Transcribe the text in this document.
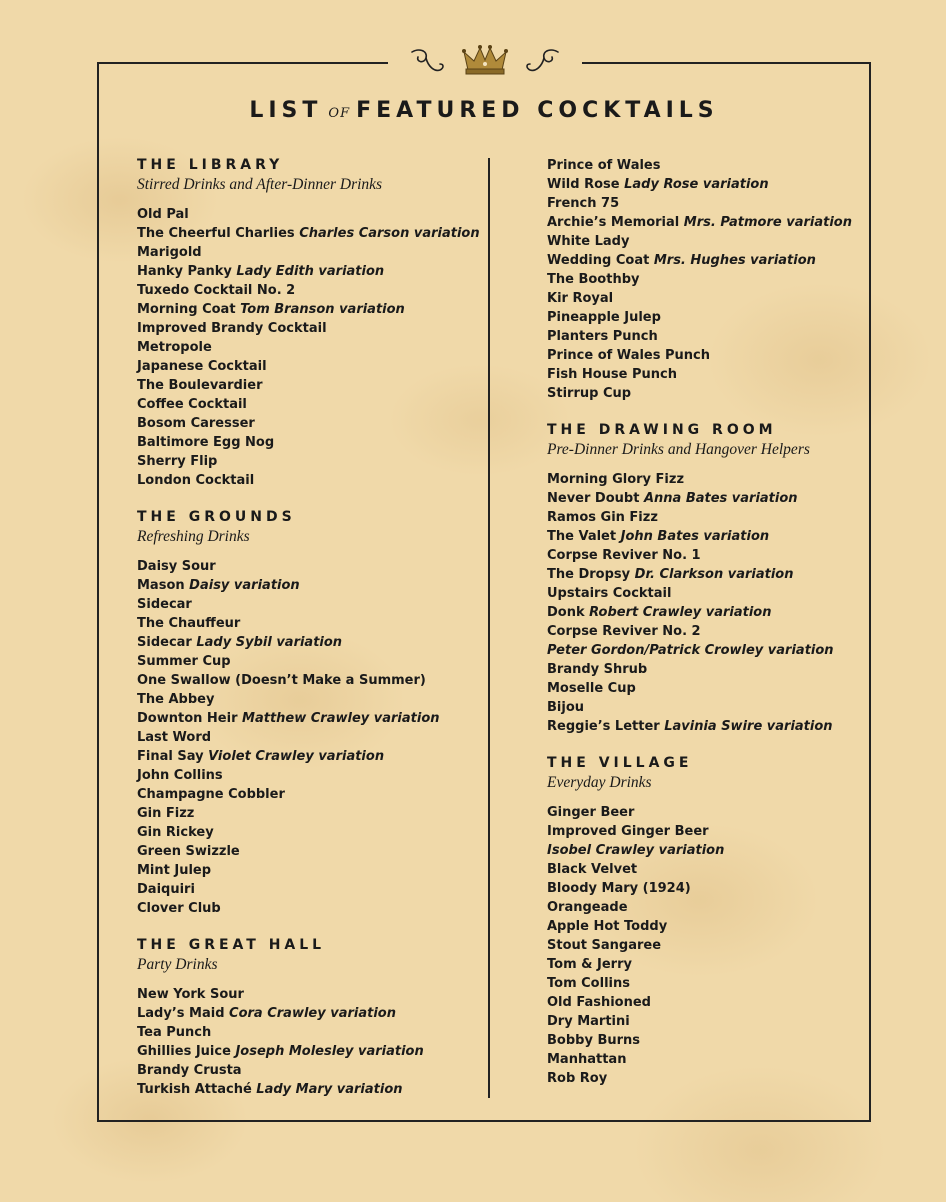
LIST OF FEATURED COCKTAILS
THE LIBRARY
Stirred Drinks and After-Dinner Drinks
Old Pal
The Cheerful Charlies Charles Carson variation
Marigold
Hanky Panky Lady Edith variation
Tuxedo Cocktail No. 2
Morning Coat Tom Branson variation
Improved Brandy Cocktail
Metropole
Japanese Cocktail
The Boulevardier
Coffee Cocktail
Bosom Caresser
Baltimore Egg Nog
Sherry Flip
London Cocktail
THE GROUNDS
Refreshing Drinks
Daisy Sour
Mason Daisy variation
Sidecar
The Chauffeur
Sidecar Lady Sybil variation
Summer Cup
One Swallow (Doesn’t Make a Summer)
The Abbey
Downton Heir Matthew Crawley variation
Last Word
Final Say Violet Crawley variation
John Collins
Champagne Cobbler
Gin Fizz
Gin Rickey
Green Swizzle
Mint Julep
Daiquiri
Clover Club
THE GREAT HALL
Party Drinks
New York Sour
Lady’s Maid Cora Crawley variation
Tea Punch
Ghillies Juice Joseph Molesley variation
Brandy Crusta
Turkish Attaché Lady Mary variation
Prince of Wales
Wild Rose Lady Rose variation
French 75
Archie’s Memorial Mrs. Patmore variation
White Lady
Wedding Coat Mrs. Hughes variation
The Boothby
Kir Royal
Pineapple Julep
Planters Punch
Prince of Wales Punch
Fish House Punch
Stirrup Cup
THE DRAWING ROOM
Pre-Dinner Drinks and Hangover Helpers
Morning Glory Fizz
Never Doubt Anna Bates variation
Ramos Gin Fizz
The Valet John Bates variation
Corpse Reviver No. 1
The Dropsy Dr. Clarkson variation
Upstairs Cocktail
Donk Robert Crawley variation
Corpse Reviver No. 2
Peter Gordon/Patrick Crowley variation
Brandy Shrub
Moselle Cup
Bijou
Reggie’s Letter Lavinia Swire variation
THE VILLAGE
Everyday Drinks
Ginger Beer
Improved Ginger Beer
Isobel Crawley variation
Black Velvet
Bloody Mary (1924)
Orangeade
Apple Hot Toddy
Stout Sangaree
Tom & Jerry
Tom Collins
Old Fashioned
Dry Martini
Bobby Burns
Manhattan
Rob Roy
